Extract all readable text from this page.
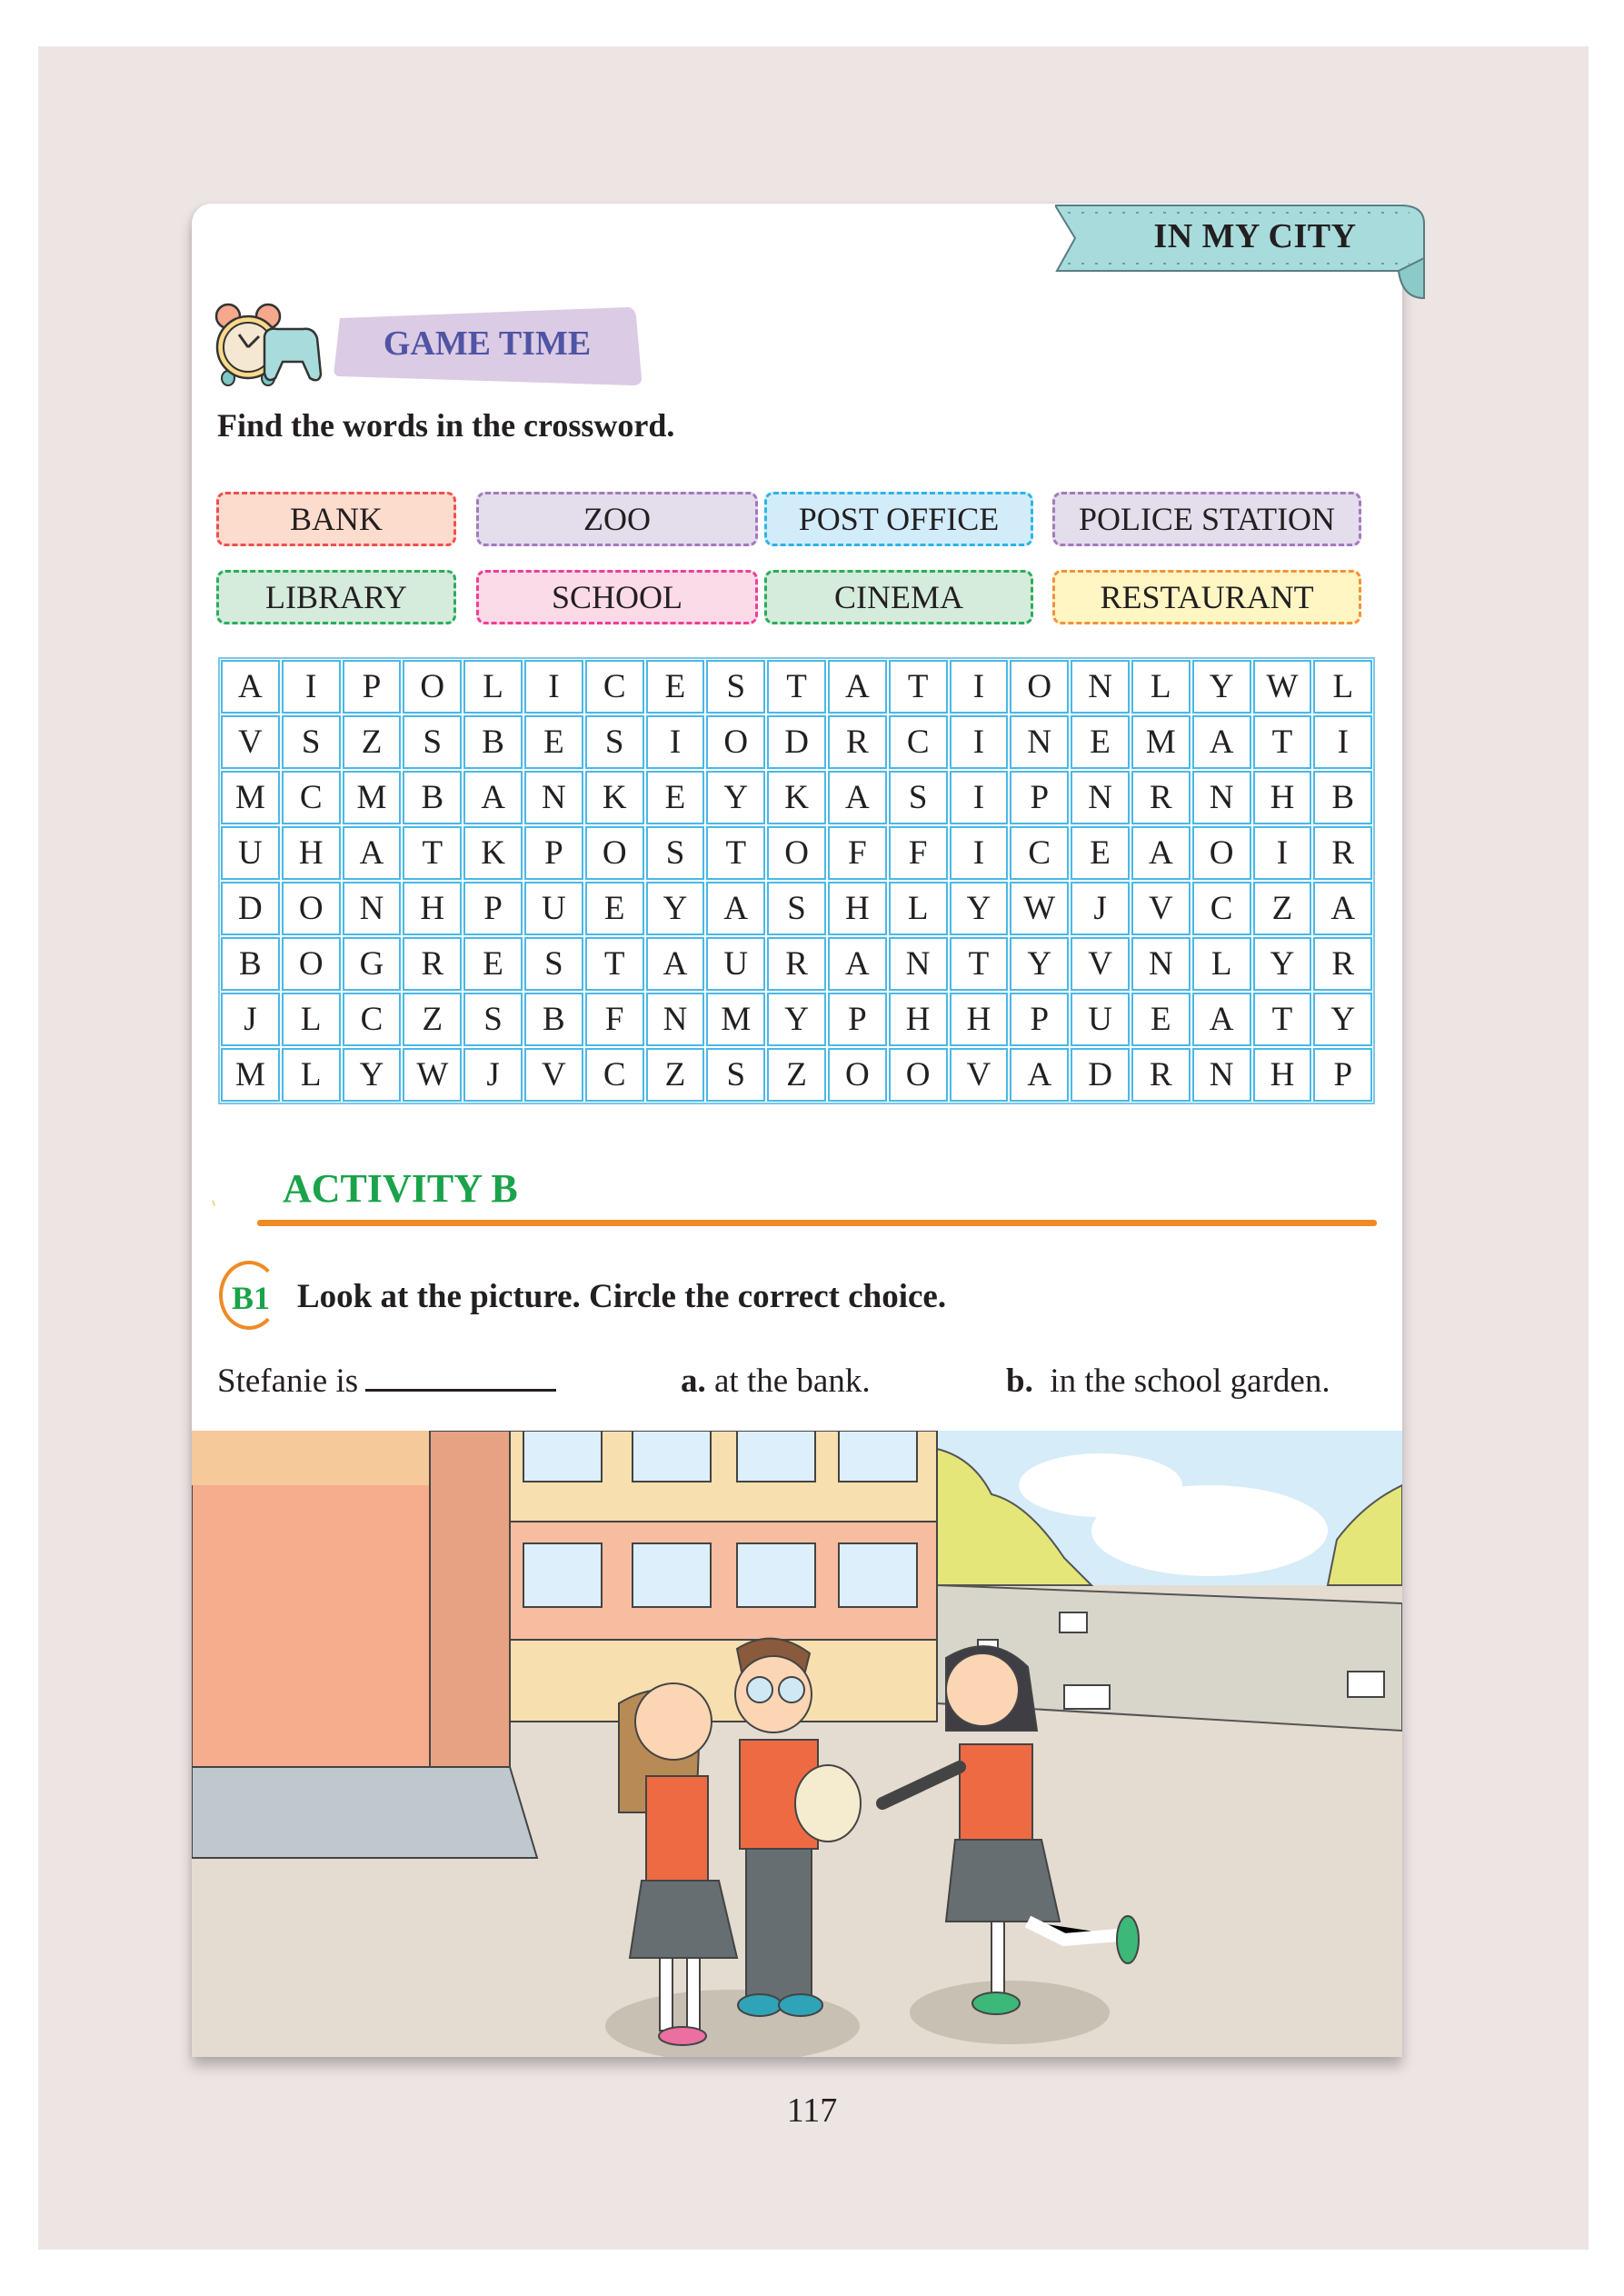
IN MY CITY
GAME TIME
Find the words in the crossword.
BANK	ZOO	POST OFFICE	POLICE STATION
LIBRARY	SCHOOL	CINEMA	RESTAURANT
A	I	P	O	L	I	C	E	S	T	A	T	I	O	N	L	Y W	L
V	S	Z	S	B	E	S	I	O	D	R	C	I	N	E	M A	T	I
M	C	M	B	A	N	K	E	Y	K	A	S	I	P	N	R	N	H	B
U	H	A	T	K	P	O	S	T	O	F	F	I	C	E	A	O	I	R
D	O	N	H	P	U	E	Y	A	S	H	L	Y W	J	V	C	Z	A
B	O	G	R	E	S	T	A	U	R	A	N	T	Y	V	N	L	Y	R
J	L	C	Z	S	B	F	N M Y	P	H	H	P	U	E	A	T	Y
M	L	Y W	J	V	C	Z	S	Z	O	O	V	A	D	R	N	H	P
ACTIVITY B
B1 Look at the picture. Circle the correct choice.
Stefanie is	a. at the bank.	b. in the school garden.
117
